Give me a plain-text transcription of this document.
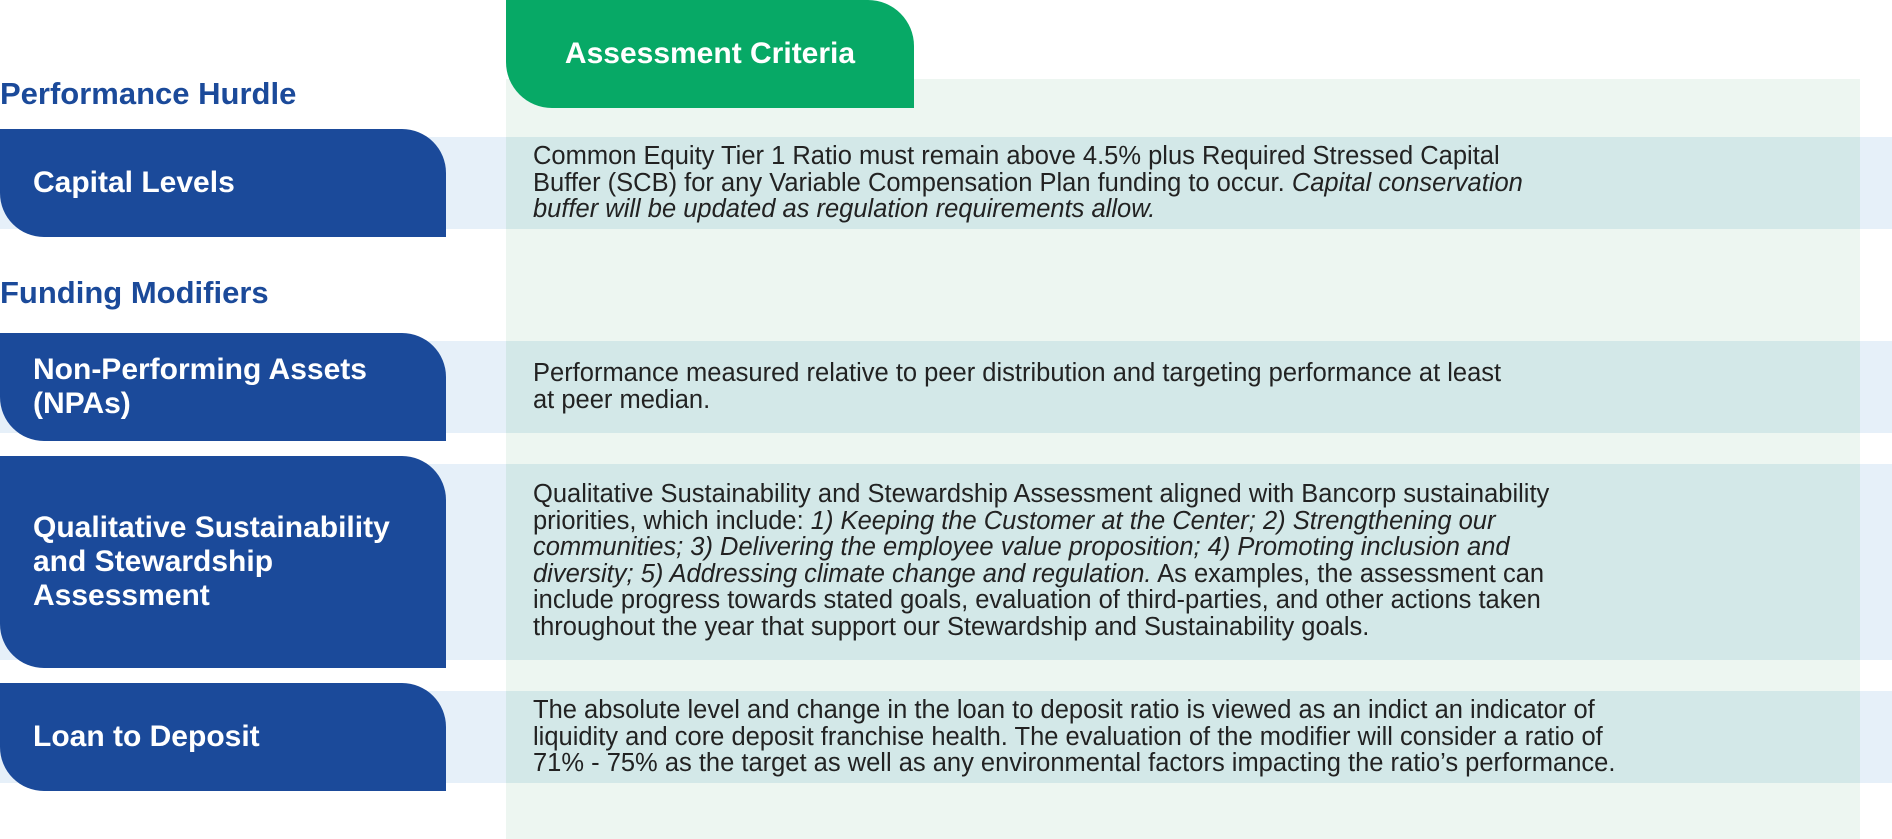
Assessment Criteria
Performance Hurdle
Capital Levels
Common Equity Tier 1 Ratio must remain above 4.5% plus Required Stressed Capital
Buffer (SCB) for any Variable Compensation Plan funding to occur. Capital conservation
buffer will be updated as regulation requirements allow.
Funding Modifiers
Non-Performing Assets (NPAs)
Performance measured relative to peer distribution and targeting performance at least
at peer median.
Qualitative Sustainability and Stewardship Assessment
Qualitative Sustainability and Stewardship Assessment aligned with Bancorp sustainability
priorities, which include: 1) Keeping the Customer at the Center; 2) Strengthening our
communities; 3) Delivering the employee value proposition; 4) Promoting inclusion and
diversity; 5) Addressing climate change and regulation. As examples, the assessment can
include progress towards stated goals, evaluation of third-parties, and other actions taken
throughout the year that support our Stewardship and Sustainability goals.
Loan to Deposit
The absolute level and change in the loan to deposit ratio is viewed as an indict an indicator of
liquidity and core deposit franchise health. The evaluation of the modifier will consider a ratio of
71% - 75% as the target as well as any environmental factors impacting the ratio’s performance.
